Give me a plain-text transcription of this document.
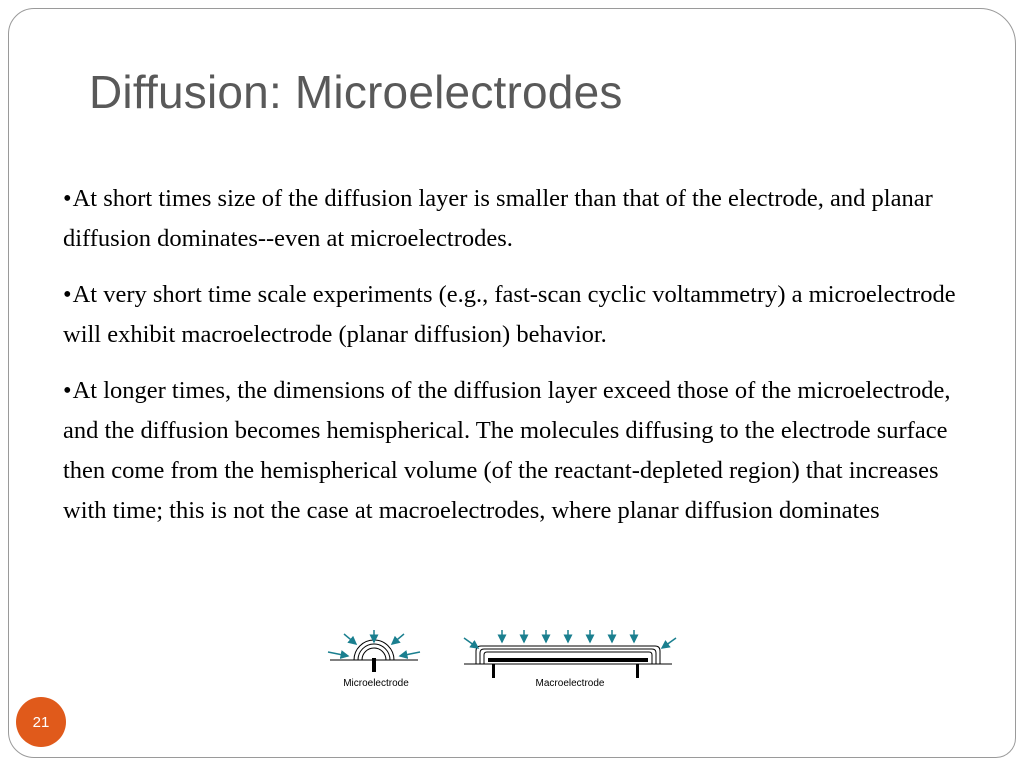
Diffusion: Microelectrodes

•At short times size of the diffusion layer is smaller than that of the electrode, and planar diffusion dominates--even at microelectrodes.

•At very short time scale experiments (e.g., fast-scan cyclic voltammetry) a microelectrode will exhibit macroelectrode (planar diffusion) behavior.

•At longer times, the dimensions of the diffusion layer exceed those of the microelectrode, and the diffusion becomes hemispherical. The molecules diffusing to the electrode surface then come from the hemispherical volume (of the reactant-depleted region) that increases with time; this is not the case at macroelectrodes, where planar diffusion dominates

Microelectrode	Macroelectrode
21
